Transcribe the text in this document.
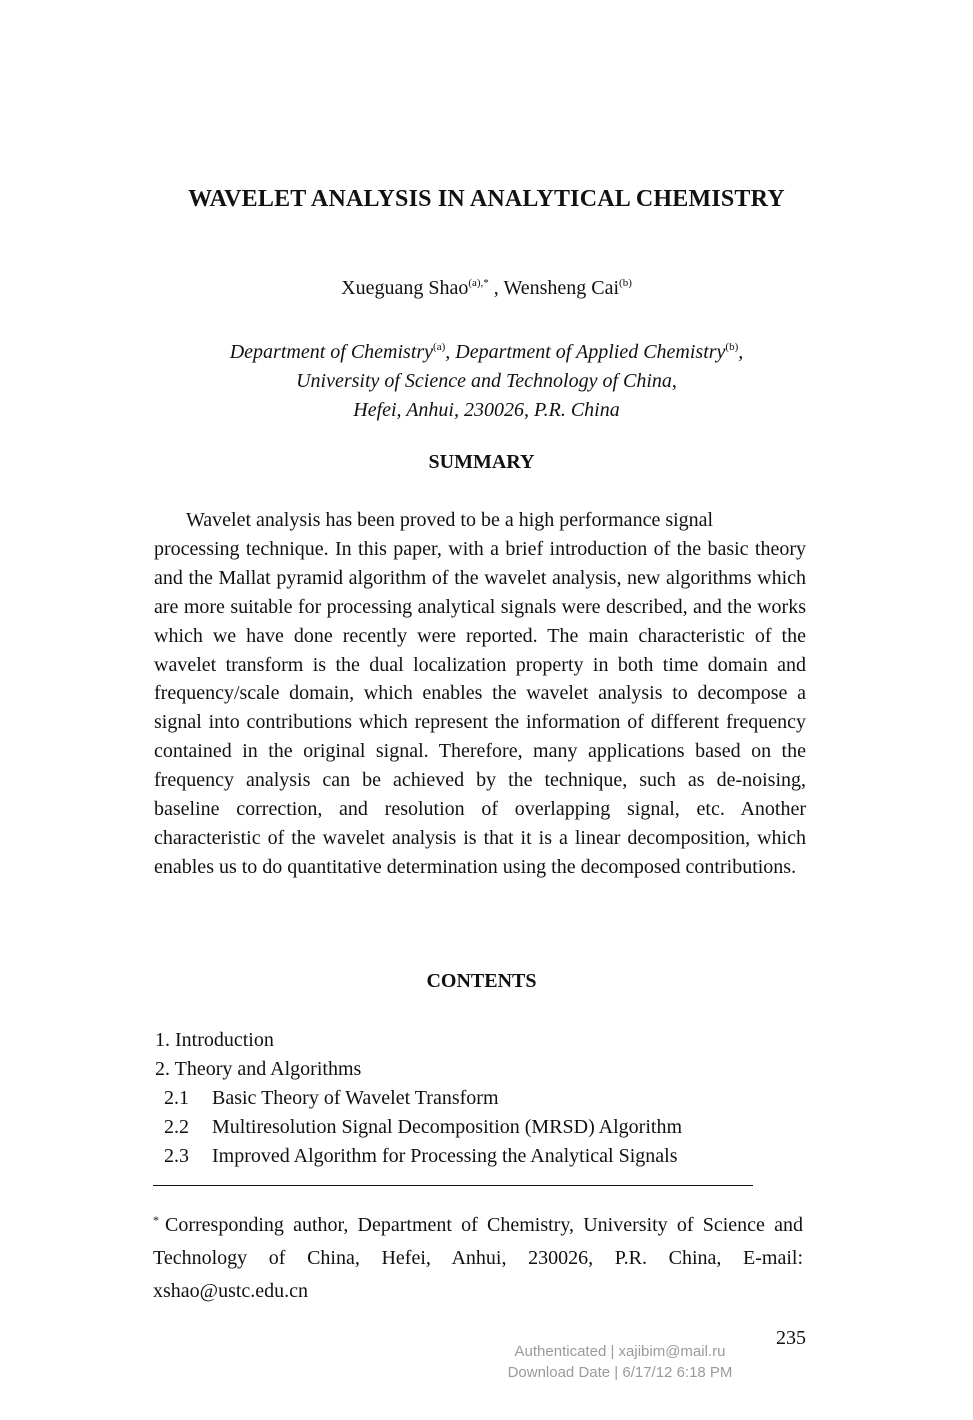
WAVELET ANALYSIS IN ANALYTICAL CHEMISTRY
Xueguang Shao$^{(a),*}$ , Wensheng Cai$^{(b)}$
Department of Chemistry$^{(a)}$, Department of Applied Chemistry$^{(b)}$,
University of Science and Technology of China,
Hefei, Anhui, 230026, P.R. China
SUMMARY

Wavelet analysis has been proved to be a high performance signal
processing technique. In this paper, with a brief introduction of the basic theory and the Mallat pyramid algorithm of the wavelet analysis, new algorithms which are more suitable for processing analytical signals were described, and the works which we have done recently were reported. The main characteristic of the wavelet transform is the dual localization property in both time domain and frequency/scale domain, which enables the wavelet analysis to decompose a signal into contributions which represent the information of different frequency contained in the original signal. Therefore, many applications based on the frequency analysis can be achieved by the technique, such as de-noising, baseline correction, and resolution of overlapping signal, etc. Another characteristic of the wavelet analysis is that it is a linear decomposition, which enables us to do quantitative determination using the decomposed contributions.

CONTENTS
1. Introduction
2. Theory and Algorithms
2.1 Basic Theory of Wavelet Transform
2.2 Multiresolution Signal Decomposition (MRSD) Algorithm
2.3 Improved Algorithm for Processing the Analytical Signals

* Corresponding author, Department of Chemistry, University of Science and Technology of China, Hefei, Anhui, 230026, P.R. China, E-mail: xshao@ustc.edu.cn

235
Authenticated | xajibim@mail.ru
Download Date | 6/17/12 6:18 PM
